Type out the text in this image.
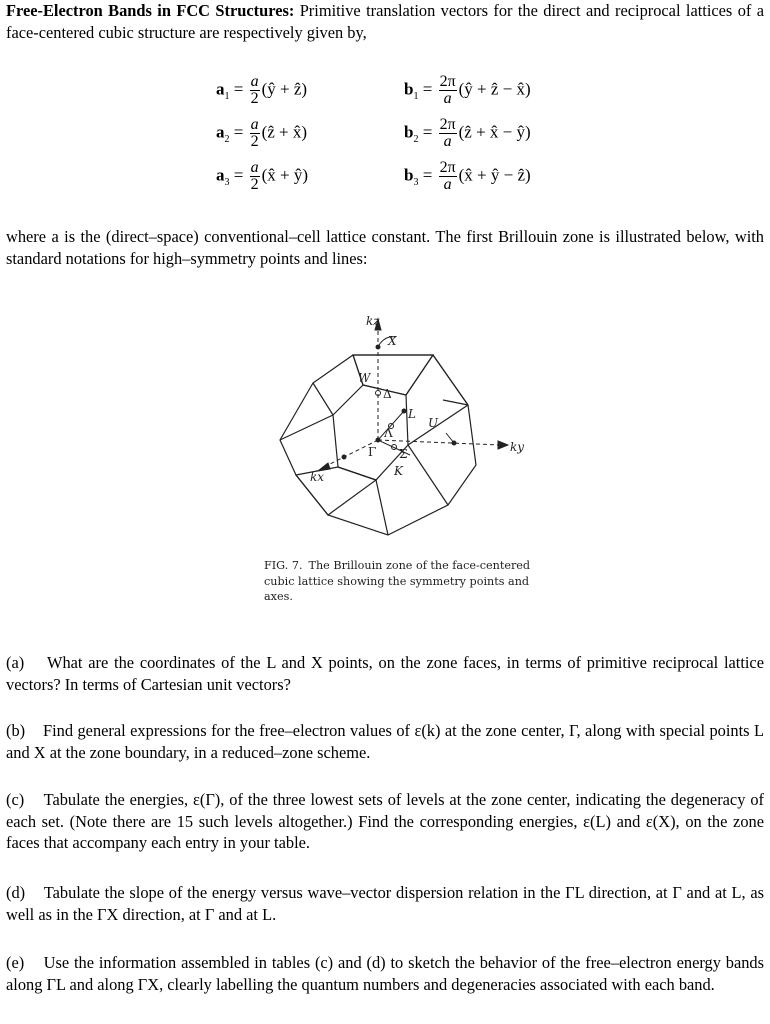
Free-Electron Bands in FCC Structures: Primitive translation vectors for the direct and reciprocal lattices of a face-centered cubic structure are respectively given by,
$a_1 = \frac{a}{2}$ (ŷ + ẑ)
$a_2 = \frac{a}{2}$ (ẑ + x̂)
$a_3 = \frac{a}{2}$ (x̂ + ŷ)
$b_1 = \frac{2\pi}{a}$ (ŷ + ẑ − x̂)
$b_2 = \frac{2\pi}{a}$ (ẑ + x̂ − ŷ)
$b_3 = \frac{2\pi}{a}$ (x̂ + ŷ − ẑ)
where a is the (direct–space) conventional–cell lattice constant. The first Brillouin zone is illustrated below, with standard notations for high–symmetry points and lines:
kz
ky
kx
X
W
L
U
K
Γ
Δ
Λ
Σ
FIG. 7. The Brillouin zone of the face-centered cubic lattice showing the symmetry points and axes.
(a) What are the coordinates of the L and X points, on the zone faces, in terms of primitive reciprocal lattice vectors? In terms of Cartesian unit vectors?
(b) Find general expressions for the free–electron values of ε(k) at the zone center, Γ, along with special points L and X at the zone boundary, in a reduced–zone scheme.
(c) Tabulate the energies, ε(Γ), of the three lowest sets of levels at the zone center, indicating the degeneracy of each set. (Note there are 15 such levels altogether.) Find the corresponding energies, ε(L) and ε(X), on the zone faces that accompany each entry in your table.
(d) Tabulate the slope of the energy versus wave–vector dispersion relation in the ΓL direction, at Γ and at L, as well as in the ΓX direction, at Γ and at L.
(e) Use the information assembled in tables (c) and (d) to sketch the behavior of the free–electron energy bands along ΓL and along ΓX, clearly labelling the quantum numbers and degeneracies associated with each band.
